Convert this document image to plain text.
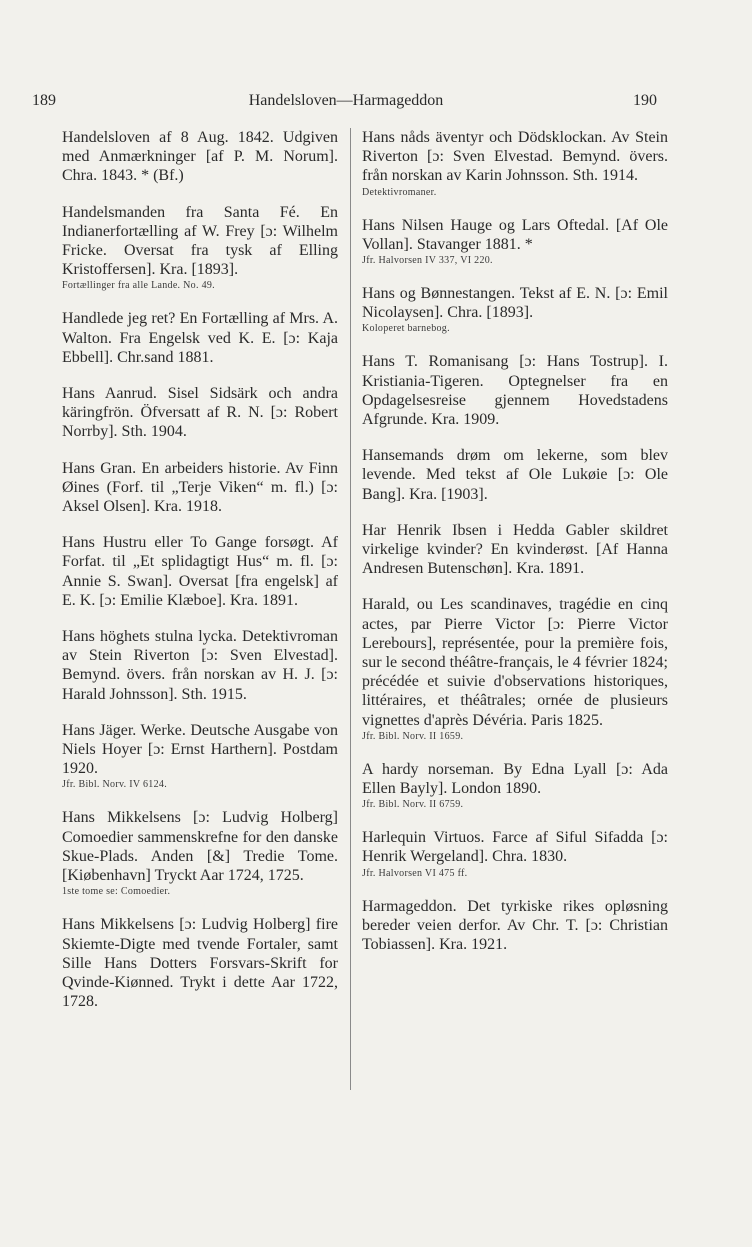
189	Handelsloven—Harmageddon	190

Handelsloven af 8 Aug. 1842. Udgiven med Anmærkninger [af P. M. Norum]. Chra. 1843. * (Bf.)

Handelsmanden fra Santa Fé. En Indianerfortælling af W. Frey [ɔ: Wilhelm Fricke. Oversat fra tysk af Elling Kristoffersen]. Kra. [1893].

Fortællinger fra alle Lande. No. 49.

Handlede jeg ret? En Fortælling af Mrs. A. Walton. Fra Engelsk ved K. E. [ɔ: Kaja Ebbell]. Chr.sand 1881.

Hans Aanrud. Sisel Sidsärk och andra käringfrön. Öfversatt af R. N. [ɔ: Robert Norrby]. Sth. 1904.

Hans Gran. En arbeiders historie. Av Finn Øines (Forf. til „Terje Viken“ m. fl.) [ɔ: Aksel Olsen]. Kra. 1918.

Hans Hustru eller To Gange forsøgt. Af Forfat. til „Et splidagtigt Hus“ m. fl. [ɔ: Annie S. Swan]. Oversat [fra engelsk] af E. K. [ɔ: Emilie Klæboe]. Kra. 1891.

Hans höghets stulna lycka. Detektivroman av Stein Riverton [ɔ: Sven Elvestad]. Bemynd. övers. från norskan av H. J. [ɔ: Harald Johnsson]. Sth. 1915.

Hans Jäger. Werke. Deutsche Ausgabe von Niels Hoyer [ɔ: Ernst Harthern]. Postdam 1920.

Jfr. Bibl. Norv. IV 6124.

Hans Mikkelsens [ɔ: Ludvig Holberg] Comoedier sammenskrefne for den danske Skue-Plads. Anden [&] Tredie Tome. [Kiøbenhavn] Tryckt Aar 1724, 1725.

1ste tome se: Comoedier.

Hans Mikkelsens [ɔ: Ludvig Holberg] fire Skiemte-Digte med tvende Fortaler, samt Sille Hans Dotters Forsvars-Skrift for Qvinde-Kiønned. Trykt i dette Aar 1722, 1728.

Hans nåds äventyr och Dödsklockan. Av Stein Riverton [ɔ: Sven Elvestad. Bemynd. övers. från norskan av Karin Johnsson. Sth. 1914.

Detektivromaner.

Hans Nilsen Hauge og Lars Oftedal. [Af Ole Vollan]. Stavanger 1881. *

Jfr. Halvorsen IV 337, VI 220.

Hans og Bønnestangen. Tekst af E. N. [ɔ: Emil Nicolaysen]. Chra. [1893].

Kolореret barnebog.

Hans T. Romanisang [ɔ: Hans Tostrup]. I. Kristiania-Tigeren. Optegnelser fra en Opdagelsesreise gjennem Hovedstadens Afgrunde. Kra. 1909.

Hansemands drøm om lekerne, som blev levende. Med tekst af Ole Lukøie [ɔ: Ole Bang]. Kra. [1903].

Har Henrik Ibsen i Hedda Gabler skildret virkelige kvinder? En kvinderøst. [Af Hanna Andresen Butenschøn]. Kra. 1891.

Harald, ou Les scandinaves, tragédie en cinq actes, par Pierre Victor [ɔ: Pierre Victor Lerebours], représentée, pour la première fois, sur le second théâtre-français, le 4 février 1824; précédée et suivie d'observations historiques, littéraires, et théâtrales; ornée de plusieurs vignettes d'après Dévéria. Paris 1825.

Jfr. Bibl. Norv. II 1659.

A hardy norseman. By Edna Lyall [ɔ: Ada Ellen Bayly]. London 1890.

Jfr. Bibl. Norv. II 6759.

Harlequin Virtuos. Farce af Siful Sifadda [ɔ: Henrik Wergeland]. Chra. 1830.

Jfr. Halvorsen VI 475 ff.

Harmageddon. Det tyrkiske rikes opløsning bereder veien derfor. Av Chr. T. [ɔ: Christian Tobiassen]. Kra. 1921.
